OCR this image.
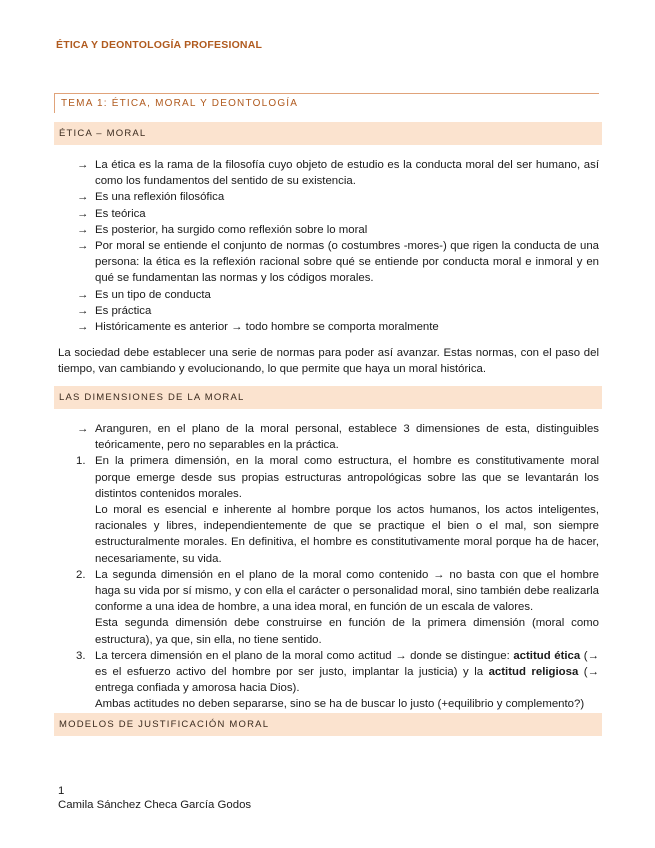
ÉTICA Y DEONTOLOGÍA PROFESIONAL
TEMA 1: ÉTICA, MORAL Y DEONTOLOGÍA
ÉTICA – MORAL
→ La ética es la rama de la filosofía cuyo objeto de estudio es la conducta moral del ser humano, así como los fundamentos del sentido de su existencia.
→ Es una reflexión filosófica
→ Es teórica
→ Es posterior, ha surgido como reflexión sobre lo moral
→ Por moral se entiende el conjunto de normas (o costumbres -mores-) que rigen la conducta de una persona: la ética es la reflexión racional sobre qué se entiende por conducta moral e inmoral y en qué se fundamentan las normas y los códigos morales.
→ Es un tipo de conducta
→ Es práctica
→ Históricamente es anterior → todo hombre se comporta moralmente

La sociedad debe establecer una serie de normas para poder así avanzar. Estas normas, con el paso del tiempo, van cambiando y evolucionando, lo que permite que haya un moral histórica.

LAS DIMENSIONES DE LA MORAL
→ Aranguren, en el plano de la moral personal, establece 3 dimensiones de esta, distinguibles teóricamente, pero no separables en la práctica.
1. En la primera dimensión, en la moral como estructura, el hombre es constitutivamente moral porque emerge desde sus propias estructuras antropológicas sobre las que se levantarán los distintos contenidos morales.

Lo moral es esencial e inherente al hombre porque los actos humanos, los actos inteligentes, racionales y libres, independientemente de que se practique el bien o el mal, son siempre estructuralmente morales. En definitiva, el hombre es constitutivamente moral porque ha de hacer, necesariamente, su vida.

2. La segunda dimensión en el plano de la moral como contenido → no basta con que el hombre haga su vida por sí mismo, y con ella el carácter o personalidad moral, sino también debe realizarla conforme a una idea de hombre, a una idea moral, en función de un escala de valores.

Esta segunda dimensión debe construirse en función de la primera dimensión (moral como estructura), ya que, sin ella, no tiene sentido.

3. La tercera dimensión en el plano de la moral como actitud → donde se distingue: actitud ética (→ es el esfuerzo activo del hombre por ser justo, implantar la justicia) y la actitud religiosa (→ entrega confiada y amorosa hacia Dios).

Ambas actitudes no deben separarse, sino se ha de buscar lo justo (+equilibrio y complemento?)

MODELOS DE JUSTIFICACIÓN MORAL
1
Camila Sánchez Checa García Godos
